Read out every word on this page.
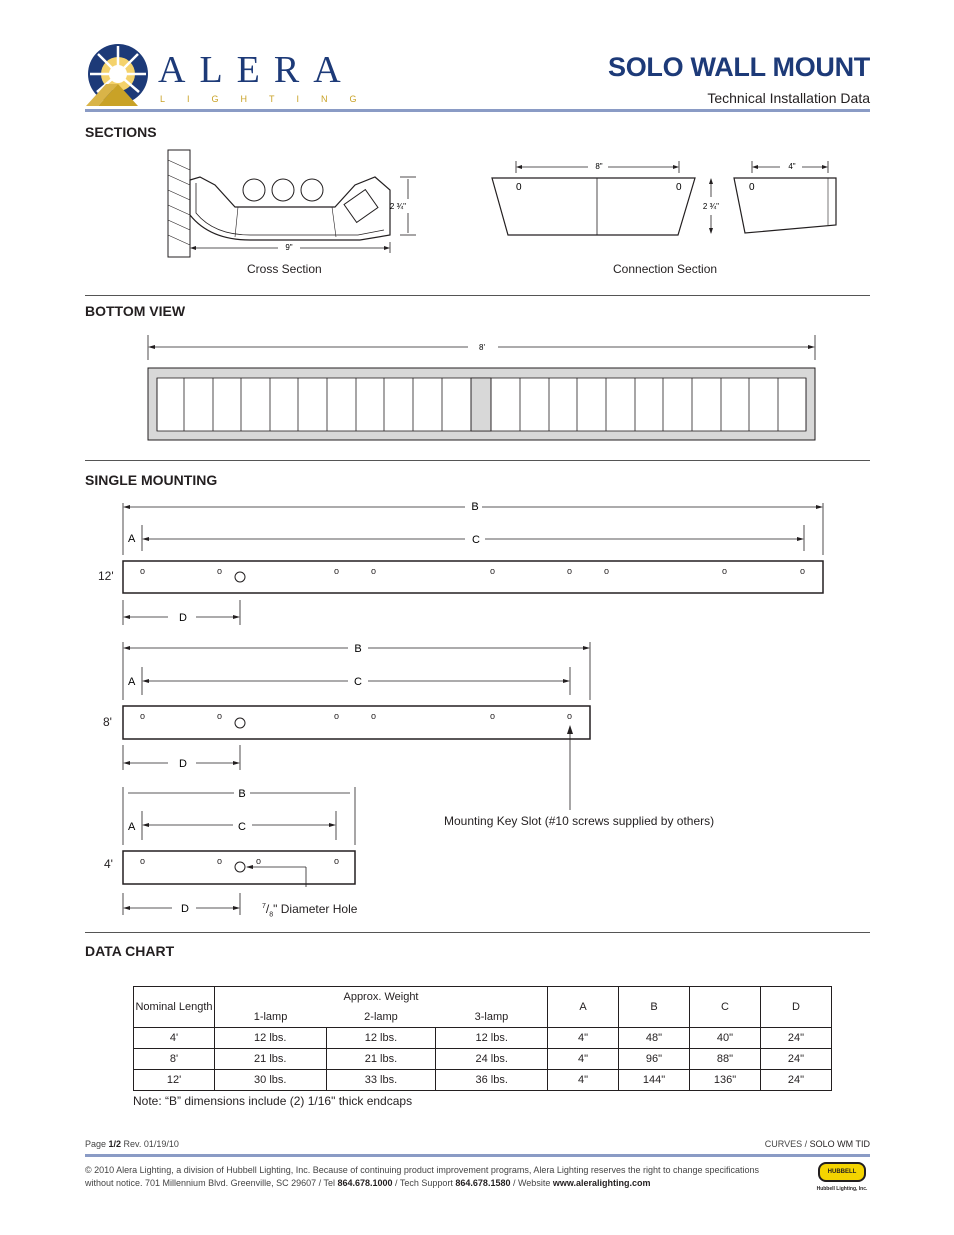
ALERA
LIGHTING
SOLO WALL MOUNT
Technical Installation Data
SECTIONS
9"
2 ¾"
0	0
8"
2 ¾"
0
4"
Cross Section	Connection Section
BOTTOM VIEW
8'
SINGLE MOUNTING
B
A	C
o	o	o	o	o	o	o	o	o
D
B
A	C
o	o	o	o	o	o
D
B
A	C
o	o	o	o
D
12'
8'
4'
Mounting Key Slot (#10 screws supplied by others)
$^7/_8$" Diameter Hole
DATA CHART
Nominal Length	Approx. Weight			A	B	C	D
	1-lamp	2-lamp	3-lamp				
4'	12 lbs.	12 lbs.	12 lbs.	4"	48"	40"	24"
8'	21 lbs.	21 lbs.	24 lbs.	4"	96"	88"	24"
12'	30 lbs.	33 lbs.	36 lbs.	4"	144"	136"	24"
Note: “B” dimensions include (2) 1/16" thick endcaps
Page 1/2 Rev. 01/19/10	CURVES / SOLO WM TID
© 2010 Alera Lighting, a division of Hubbell Lighting, Inc. Because of continuing product improvement programs, Alera Lighting reserves the right to change specifications
without notice. 701 Millennium Blvd. Greenville, SC 29607 / Tel 864.678.1000 / Tech Support 864.678.1580 / Website www.aleralighting.com
HUBBELL
Hubbell Lighting, Inc.
